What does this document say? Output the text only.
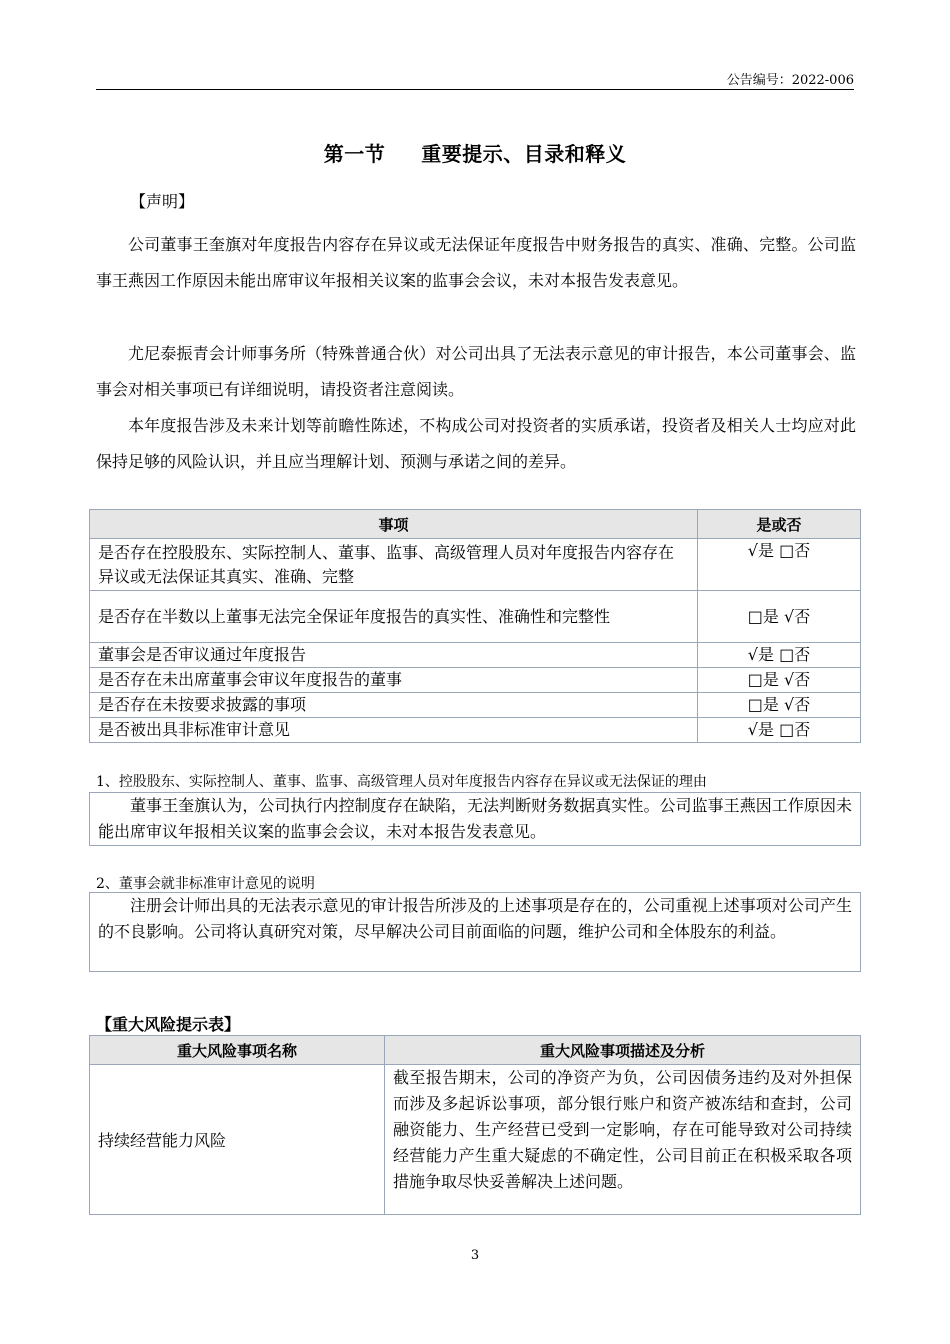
公告编号：2022-006
第一节 重要提示、目录和释义
【声明】
公司董事王奎旗对年度报告内容存在异议或无法保证年度报告中财务报告的真实、准确、完整。公司监事王燕因工作原因未能出席审议年报相关议案的监事会会议，未对本报告发表意见。
尤尼泰振青会计师事务所（特殊普通合伙）对公司出具了无法表示意见的审计报告，本公司董事会、监事会对相关事项已有详细说明，请投资者注意阅读。
本年度报告涉及未来计划等前瞻性陈述，不构成公司对投资者的实质承诺，投资者及相关人士均应对此保持足够的风险认识，并且应当理解计划、预测与承诺之间的差异。
事项	是或否
是否存在控股股东、实际控制人、董事、监事、高级管理人员对年度报告内容存在异议或无法保证其真实、准确、完整	√是 □否
是否存在半数以上董事无法完全保证年度报告的真实性、准确性和完整性	□是 √否
董事会是否审议通过年度报告	√是 □否
是否存在未出席董事会审议年度报告的董事	□是 √否
是否存在未按要求披露的事项	□是 √否
是否被出具非标准审计意见	√是 □否
1、控股股东、实际控制人、董事、监事、高级管理人员对年度报告内容存在异议或无法保证的理由
董事王奎旗认为，公司执行内控制度存在缺陷，无法判断财务数据真实性。公司监事王燕因工作原因未能出席审议年报相关议案的监事会会议，未对本报告发表意见。
2、董事会就非标准审计意见的说明
注册会计师出具的无法表示意见的审计报告所涉及的上述事项是存在的，公司重视上述事项对公司产生的不良影响。公司将认真研究对策，尽早解决公司目前面临的问题，维护公司和全体股东的利益。
【重大风险提示表】
重大风险事项名称	重大风险事项描述及分析
持续经营能力风险	截至报告期末，公司的净资产为负，公司因债务违约及对外担保而涉及多起诉讼事项，部分银行账户和资产被冻结和查封，公司融资能力、生产经营已受到一定影响，存在可能导致对公司持续经营能力产生重大疑虑的不确定性，公司目前正在积极采取各项措施争取尽快妥善解决上述问题。
3
